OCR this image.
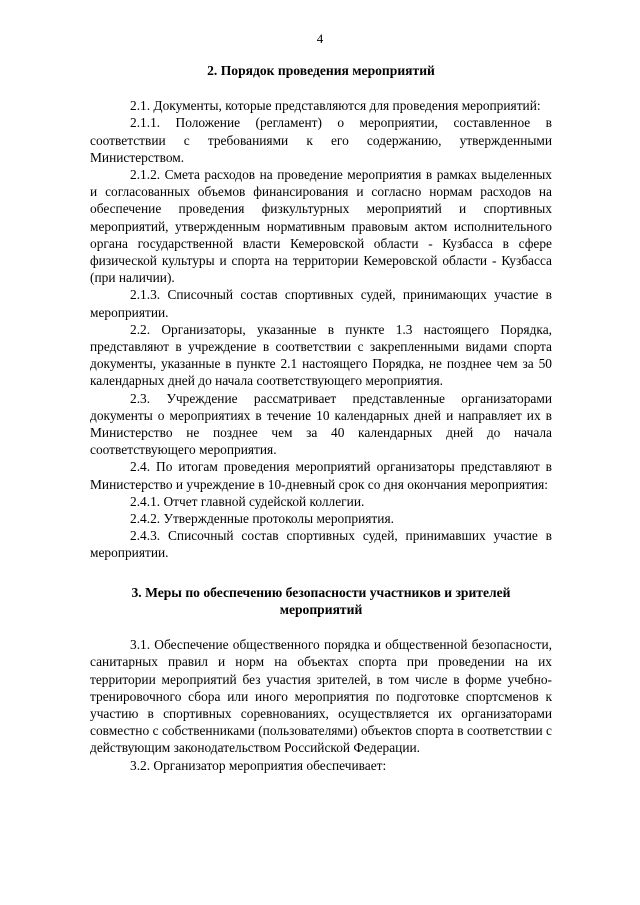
4
2. Порядок проведения мероприятий

2.1. Документы, которые представляются для проведения мероприятий:

2.1.1. Положение (регламент) о мероприятии, составленное в соответствии с требованиями к его содержанию, утвержденными Министерством.

2.1.2. Смета расходов на проведение мероприятия в рамках выделенных и согласованных объемов финансирования и согласно нормам расходов на обеспечение проведения физкультурных мероприятий и спортивных мероприятий, утвержденным нормативным правовым актом исполнительного органа государственной власти Кемеровской области - Кузбасса в сфере физической культуры и спорта на территории Кемеровской области - Кузбасса (при наличии).

2.1.3. Списочный состав спортивных судей, принимающих участие в мероприятии.

2.2. Организаторы, указанные в пункте 1.3 настоящего Порядка, представляют в учреждение в соответствии с закрепленными видами спорта документы, указанные в пункте 2.1 настоящего Порядка, не позднее чем за 50 календарных дней до начала соответствующего мероприятия.

2.3. Учреждение рассматривает представленные организаторами документы о мероприятиях в течение 10 календарных дней и направляет их в Министерство не позднее чем за 40 календарных дней до начала соответствующего мероприятия.

2.4. По итогам проведения мероприятий организаторы представляют в Министерство и учреждение в 10-дневный срок со дня окончания мероприятия:

2.4.1. Отчет главной судейской коллегии.

2.4.2. Утвержденные протоколы мероприятия.

2.4.3. Списочный состав спортивных судей, принимавших участие в мероприятии.

3. Меры по обеспечению безопасности участников и зрителей
мероприятий

3.1. Обеспечение общественного порядка и общественной безопасности, санитарных правил и норм на объектах спорта при проведении на их территории мероприятий без участия зрителей, в том числе в форме учебно-тренировочного сбора или иного мероприятия по подготовке спортсменов к участию в спортивных соревнованиях, осуществляется их организаторами совместно с собственниками (пользователями) объектов спорта в соответствии с действующим законодательством Российской Федерации.

3.2. Организатор мероприятия обеспечивает:
